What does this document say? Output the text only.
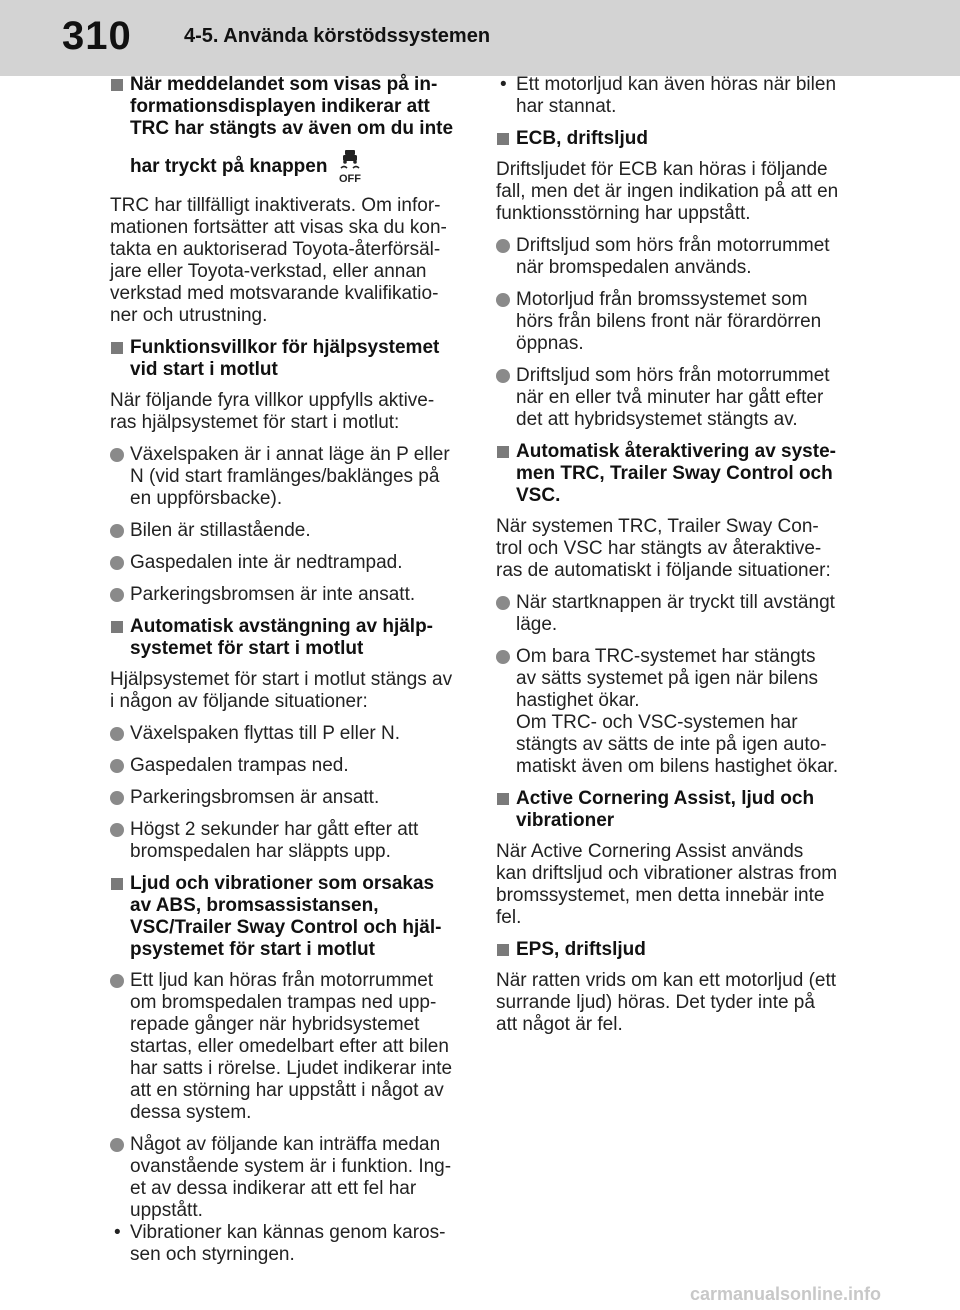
310	4-5. Använda körstödssystemen
När meddelandet som visas på in-
formationsdisplayen indikerar att
TRC har stängts av även om du inte
har tryckt på knappen
OFF
TRC har tillfälligt inaktiverats. Om infor-
mationen fortsätter att visas ska du kon-
takta en auktoriserad Toyota-återförsäl-
jare eller Toyota-verkstad, eller annan
verkstad med motsvarande kvalifikatio-
ner och utrustning.
Funktionsvillkor för hjälpsystemet
vid start i motlut
När följande fyra villkor uppfylls aktive-
ras hjälpsystemet för start i motlut:
Växelspaken är i annat läge än P eller
N (vid start framlänges/baklänges på
en uppförsbacke).
Bilen är stillastående.
Gaspedalen inte är nedtrampad.
Parkeringsbromsen är inte ansatt.
Automatisk avstängning av hjälp-
systemet för start i motlut
Hjälpsystemet för start i motlut stängs av
i någon av följande situationer:
Växelspaken flyttas till P eller N.
Gaspedalen trampas ned.
Parkeringsbromsen är ansatt.
Högst 2 sekunder har gått efter att
bromspedalen har släppts upp.
Ljud och vibrationer som orsakas
av ABS, bromsassistansen,
VSC/Trailer Sway Control och hjäl-
psystemet för start i motlut
Ett ljud kan höras från motorrummet
om bromspedalen trampas ned upp-
repade gånger när hybridsystemet
startas, eller omedelbart efter att bilen
har satts i rörelse. Ljudet indikerar inte
att en störning har uppstått i något av
dessa system.
Något av följande kan inträffa medan
ovanstående system är i funktion. Ing-
et av dessa indikerar att ett fel har
uppstått.
• Vibrationer kan kännas genom karos-
sen och styrningen.
• Ett motorljud kan även höras när bilen
har stannat.
ECB, driftsljud
Driftsljudet för ECB kan höras i följande
fall, men det är ingen indikation på att en
funktionsstörning har uppstått.
Driftsljud som hörs från motorrummet
när bromspedalen används.
Motorljud från bromssystemet som
hörs från bilens front när förardörren
öppnas.
Driftsljud som hörs från motorrummet
när en eller två minuter har gått efter
det att hybridsystemet stängts av.
Automatisk återaktivering av syste-
men TRC, Trailer Sway Control och
VSC.
När systemen TRC, Trailer Sway Con-
trol och VSC har stängts av återaktive-
ras de automatiskt i följande situationer:
När startknappen är tryckt till avstängt
läge.
Om bara TRC-systemet har stängts
av sätts systemet på igen när bilens
hastighet ökar.
Om TRC- och VSC-systemen har
stängts av sätts de inte på igen auto-
matiskt även om bilens hastighet ökar.
Active Cornering Assist, ljud och
vibrationer
När Active Cornering Assist används
kan driftsljud och vibrationer alstras from
bromssystemet, men detta innebär inte
fel.
EPS, driftsljud
När ratten vrids om kan ett motorljud (ett
surrande ljud) höras. Det tyder inte på
att något är fel.
carmanualsonline.info
